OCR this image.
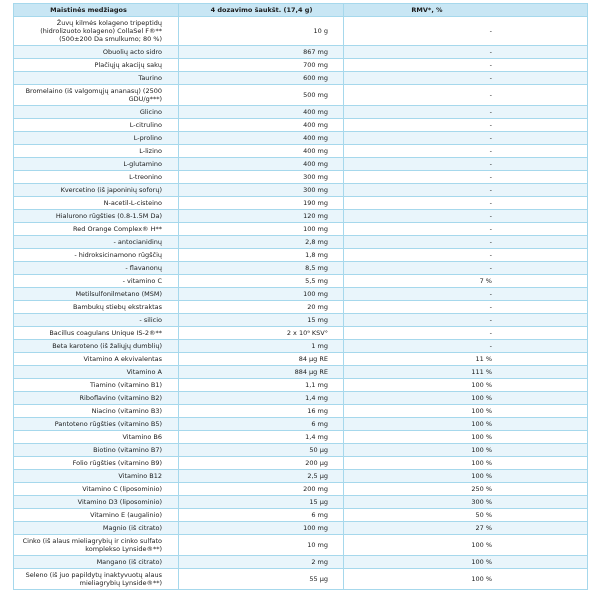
Maistinės medžiagos	4 dozavimo šaukšt. (17,4 g)	RMV*, %
Žuvų kilmės kolageno tripeptidų (hidrolizuoto kolageno) CollaSel F®** (500±200 Da smulkumo; 80 %)	10 g	-
Obuolių acto sidro	867 mg	-
Plačiųjų akacijų sakų	700 mg	-
Taurino	600 mg	-
Bromelaino (iš valgomųjų ananasų) (2500 GDU/g***)	500 mg	-
Glicino	400 mg	-
L-citrulino	400 mg	-
L-prolino	400 mg	-
L-lizino	400 mg	-
L-glutamino	400 mg	-
L-treonino	300 mg	-
Kvercetino (iš japoninių soforų)	300 mg	-
N-acetil-L-cisteino	190 mg	-
Hialurono rūgšties (0.8-1.5M Da)	120 mg	-
Red Orange Complex® H**	100 mg	-
- antocianidinų	2,8 mg	-
- hidroksicinamono rūgščių	1,8 mg	-
- flavanonų	8,5 mg	-
- vitamino C	5,5 mg	7 %
Metilsulfonilmetano (MSM)	100 mg	-
Bambukų stiebų ekstraktas	20 mg	-
- silicio	15 mg	-
Bacillus coagulans Unique IS-2®**	2 x 10⁹ KSV°	-
Beta karoteno (iš žaliųjų dumblių)	1 mg	-
Vitamino A ekvivalentas	84 µg RE	11 %
Vitamino A	884 µg RE	111 %
Tiamino (vitamino B1)	1,1 mg	100 %
Riboflavino (vitamino B2)	1,4 mg	100 %
Niacino (vitamino B3)	16 mg	100 %
Pantoteno rūgšties (vitamino B5)	6 mg	100 %
Vitamino B6	1,4 mg	100 %
Biotino (vitamino B7)	50 µg	100 %
Folio rūgšties (vitamino B9)	200 µg	100 %
Vitamino B12	2,5 µg	100 %
Vitamino C (liposominio)	200 mg	250 %
Vitamino D3 (liposominio)	15 µg	300 %
Vitamino E (augalinio)	6 mg	50 %
Magnio (iš citrato)	100 mg	27 %
Cinko (iš alaus mieliagrybių ir cinko sulfato komplekso Lynside®**)	10 mg	100 %
Mangano (iš citrato)	2 mg	100 %
Seleno (iš juo papildytų inaktyvuotų alaus mieliagrybių Lynside®**)	55 µg	100 %
